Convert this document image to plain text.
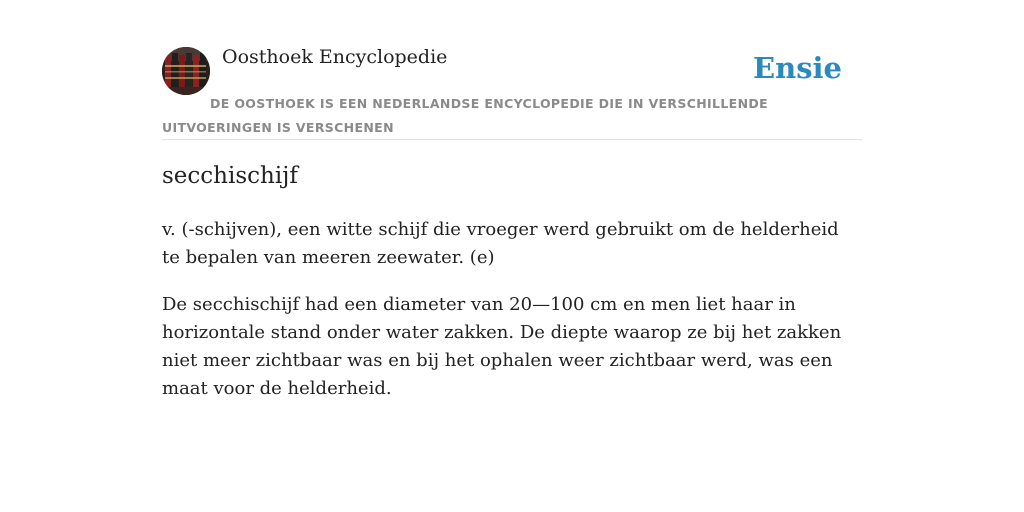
Oosthoek Encyclopedie	Ensie
DE OOSTHOEK IS EEN NEDERLANDSE ENCYCLOPEDIE DIE IN VERSCHILLENDE UITVOERINGEN IS VERSCHENEN
secchischijf

v. (-schijven), een witte schijf die vroeger werd gebruikt om de helderheid te bepalen van meeren zeewater. (e)

De secchischijf had een diameter van 20—100 cm en men liet haar in horizontale stand onder water zakken. De diepte waarop ze bij het zakken niet meer zichtbaar was en bij het ophalen weer zichtbaar werd, was een maat voor de helderheid.
